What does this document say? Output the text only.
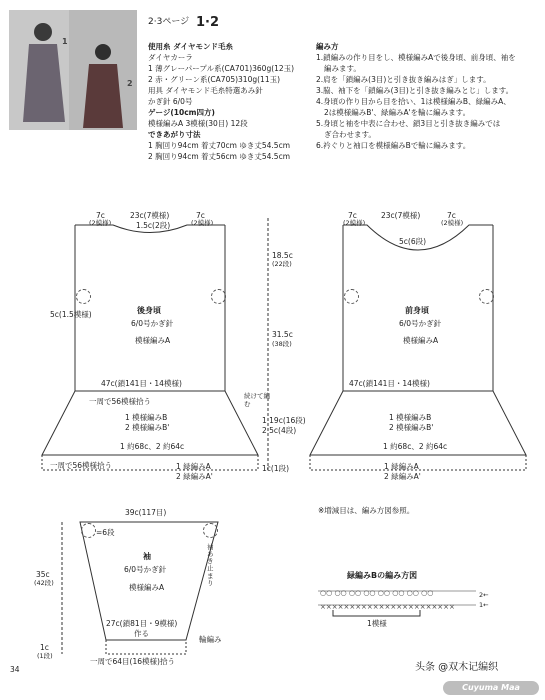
1
2
2·3ページ 1·2
使用糸 ダイヤモンド毛糸
ダイヤカーラ
1 薄グレーパープル系(CA701)360g(12玉)
2 赤・グリーン系(CA705)310g(11玉)
用具 ダイヤモンド毛糸特選あみ針
かぎ針 6/0号
ゲージ(10cm四方)
模様編みA 3模様(30目) 12段
できあがり寸法
1 胸回り94cm 着丈70cm ゆき丈54.5cm
2 胸回り94cm 着丈56cm ゆき丈54.5cm
編み方
1.鎖編みの作り目をし、模様編みAで後身頃、前身頃、袖を
編みます。
2.肩を「鎖編み(3目)と引き抜き編みはぎ」します。
3.脇、袖下を「鎖編み(3目)と引き抜き編みとじ」します。
4.身頃の作り目から目を拾い、1は模様編みB、緑編みA、
2は模様編みB'、緑編みA'を輪に編みます。
5.身頃と袖を中表に合わせ、鎖3目と引き抜き編みでは
ぎ合わせます。
6.衿ぐりと袖口を模様編みBで輪に編みます。
×××××××××××××××××××××××
○○ ○○ ○○ ○○ ○○ ○○ ○○ ○○
7c
(2模様)
23c(7模様)	7c
(2模様)
1.5c(2段)
5c(1.5模様)	後身頃
6/0号かぎ針
模様編みA
47c(鎖141目・14模様)
一周で56模様拾う
1 模様編みB
2 模様編みB'
1 約68c、2 約64c
1 緑編みA
2 緑編みA'
一周で56模様拾う
7c
(2模様)
23c(7模様)	7c
(2模様)
5c(6段)
前身頃
6/0号かぎ針
模様編みA
47c(鎖141目・14模様)
1 模様編みB
2 模様編みB'
1 約68c、2 約64c
1 緑編みA
2 緑編みA'
18.5c
(22段)
31.5c
(38段)
続けて編む
1 19c(16段)
2 5c(4段)
1c(1段)
39c(117目)
=6段
35c
(42段)
袖
6/0号かぎ針
模様編みA
袖あき止まり
27c(鎖81目・9模様)
作る
輪編み
1c
(1段)
一周で64目(16模様)拾う
※増減目は、編み方図参照。
緑編みBの編み方図
2←
1←
1模様
34	头条 @双木记编织
Cuyuma Maa
